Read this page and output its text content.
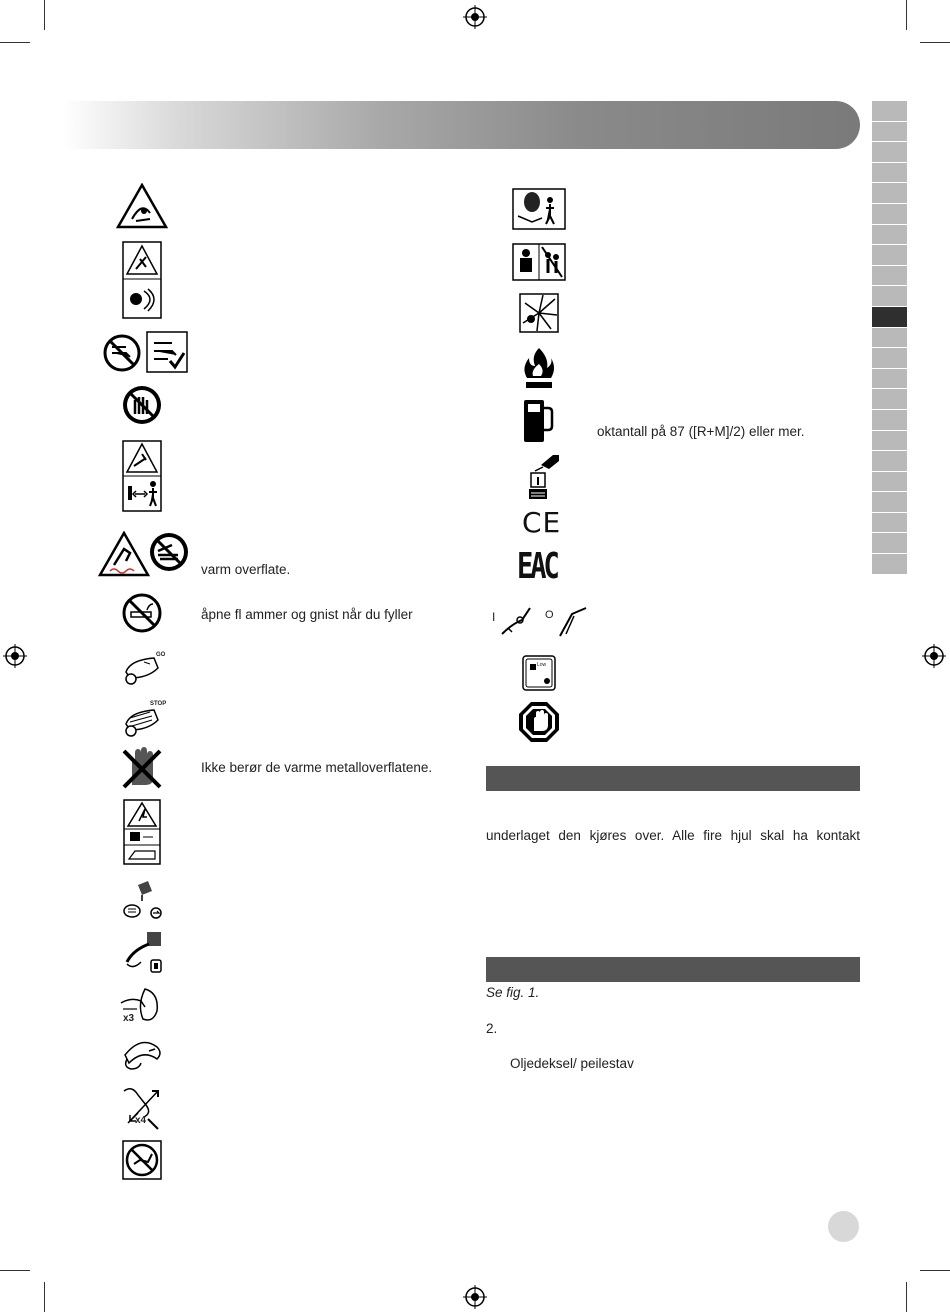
varm overflate.
åpne fl ammer og gnist når du fyller
GO
STOP
Ikke berør de varme metalloverflatene.
x3
x4
oktantall på 87 ([R+M]/2) eller mer.
CE
EAC
I	O
Low
underlaget den kjøres over. Alle fire hjul skal ha kontakt
Se fig. 1.
2.
Oljedeksel/ peilestav
